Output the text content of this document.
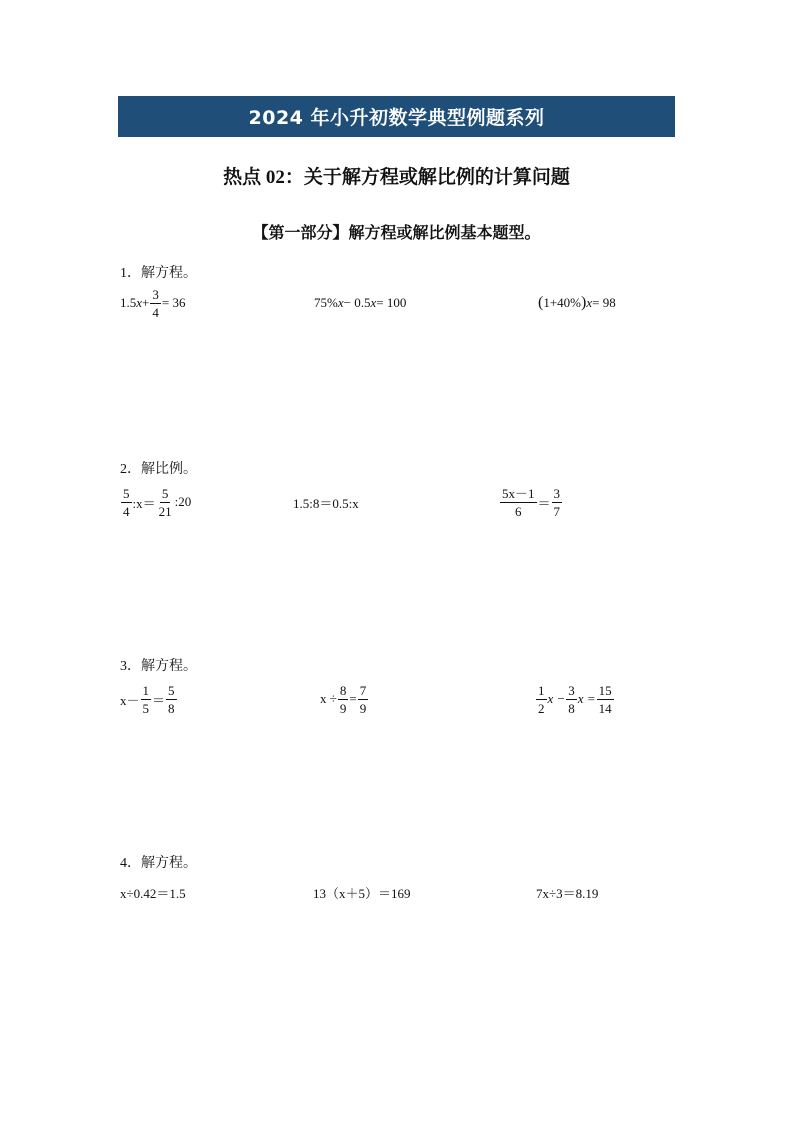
2024 年小升初数学典型例题系列
热点 02：关于解方程或解比例的计算问题
【第一部分】解方程或解比例基本题型。
1．解方程。
1.5 $x + \frac{3}{4} = 36$	75% x − 0.5 x = 100	( 1+40% ) x = 98
2．解比例。
$\frac{5}{4}$ :x＝ $\frac{5}{21}$ :20	1.5:8＝0.5:x	$\frac{5x-1}{6} = \frac{3}{7}$
3．解方程。
$x- \frac{1}{5} = \frac{5}{8}$	$x \div \frac{8}{9} = \frac{7}{9}$	$\frac{1}{2}$ $x - \frac{3}{8}$ $x = \frac{15}{14}$
4．解方程。
x÷0.42＝1.5	13（x＋5）＝169	7x÷3＝8.19
